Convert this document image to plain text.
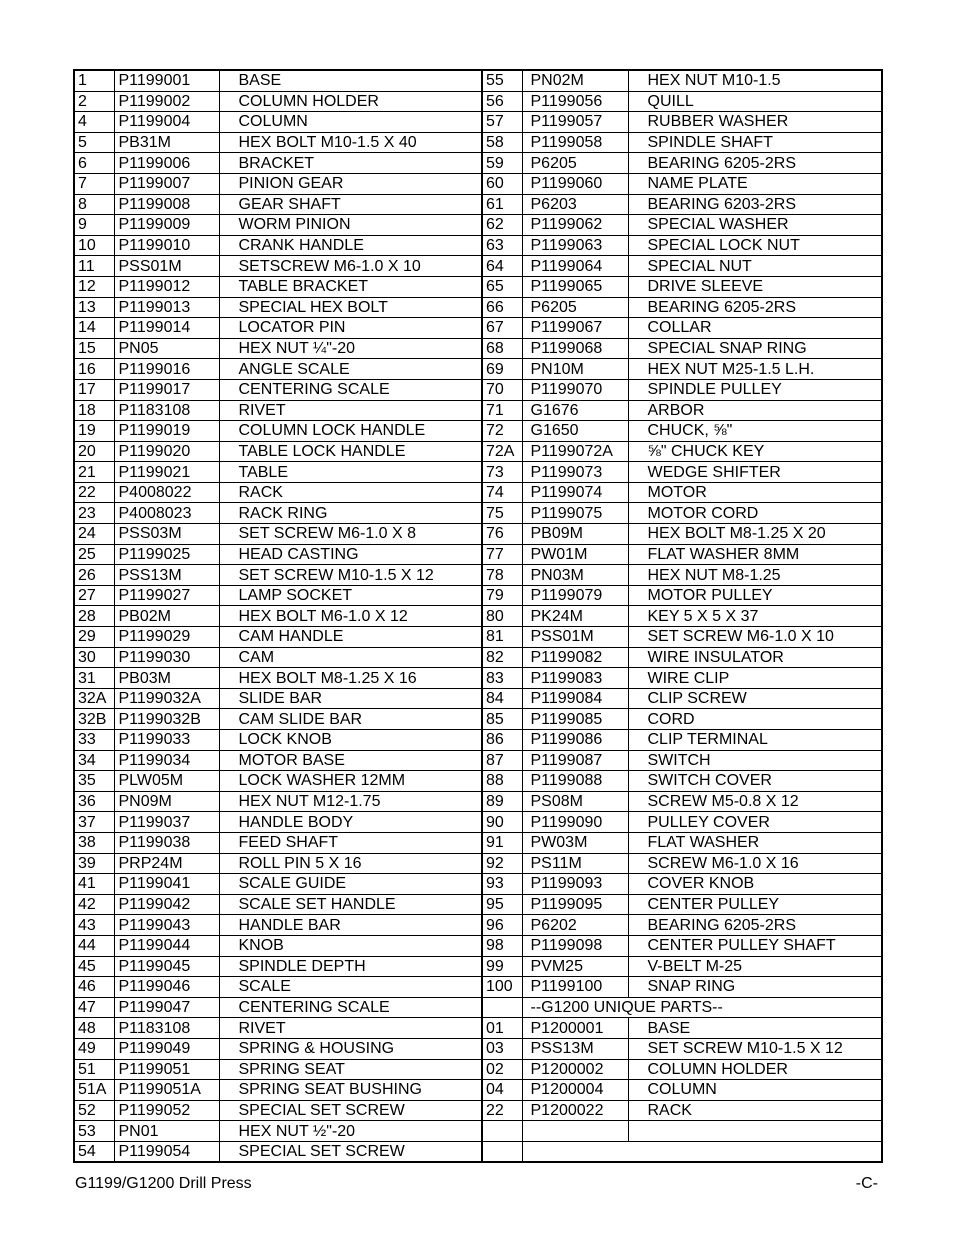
1	P1199001	BASE	55	PN02M	HEX NUT M10-1.5
2	P1199002	COLUMN HOLDER	56	P1199056	QUILL
4	P1199004	COLUMN	57	P1199057	RUBBER WASHER
5	PB31M	HEX BOLT M10-1.5 X 40	58	P1199058	SPINDLE SHAFT
6	P1199006	BRACKET	59	P6205	BEARING 6205-2RS
7	P1199007	PINION GEAR	60	P1199060	NAME PLATE
8	P1199008	GEAR SHAFT	61	P6203	BEARING 6203-2RS
9	P1199009	WORM PINION	62	P1199062	SPECIAL WASHER
10	P1199010	CRANK HANDLE	63	P1199063	SPECIAL LOCK NUT
11	PSS01M	SETSCREW M6-1.0 X 10	64	P1199064	SPECIAL NUT
12	P1199012	TABLE BRACKET	65	P1199065	DRIVE SLEEVE
13	P1199013	SPECIAL HEX BOLT	66	P6205	BEARING 6205-2RS
14	P1199014	LOCATOR PIN	67	P1199067	COLLAR
15	PN05	HEX NUT ¼"-20	68	P1199068	SPECIAL SNAP RING
16	P1199016	ANGLE SCALE	69	PN10M	HEX NUT M25-1.5 L.H.
17	P1199017	CENTERING SCALE	70	P1199070	SPINDLE PULLEY
18	P1183108	RIVET	71	G1676	ARBOR
19	P1199019	COLUMN LOCK HANDLE	72	G1650	CHUCK, ⅝"
20	P1199020	TABLE LOCK HANDLE	72A	P1199072A	⅝" CHUCK KEY
21	P1199021	TABLE	73	P1199073	WEDGE SHIFTER
22	P4008022	RACK	74	P1199074	MOTOR
23	P4008023	RACK RING	75	P1199075	MOTOR CORD
24	PSS03M	SET SCREW M6-1.0 X 8	76	PB09M	HEX BOLT M8-1.25 X 20
25	P1199025	HEAD CASTING	77	PW01M	FLAT WASHER 8MM
26	PSS13M	SET SCREW M10-1.5 X 12	78	PN03M	HEX NUT M8-1.25
27	P1199027	LAMP SOCKET	79	P1199079	MOTOR PULLEY
28	PB02M	HEX BOLT M6-1.0 X 12	80	PK24M	KEY 5 X 5 X 37
29	P1199029	CAM HANDLE	81	PSS01M	SET SCREW M6-1.0 X 10
30	P1199030	CAM	82	P1199082	WIRE INSULATOR
31	PB03M	HEX BOLT M8-1.25 X 16	83	P1199083	WIRE CLIP
32A	P1199032A	SLIDE BAR	84	P1199084	CLIP SCREW
32B	P1199032B	CAM SLIDE BAR	85	P1199085	CORD
33	P1199033	LOCK KNOB	86	P1199086	CLIP TERMINAL
34	P1199034	MOTOR BASE	87	P1199087	SWITCH
35	PLW05M	LOCK WASHER 12MM	88	P1199088	SWITCH COVER
36	PN09M	HEX NUT M12-1.75	89	PS08M	SCREW M5-0.8 X 12
37	P1199037	HANDLE BODY	90	P1199090	PULLEY COVER
38	P1199038	FEED SHAFT	91	PW03M	FLAT WASHER
39	PRP24M	ROLL PIN 5 X 16	92	PS11M	SCREW M6-1.0 X 16
41	P1199041	SCALE GUIDE	93	P1199093	COVER KNOB
42	P1199042	SCALE SET HANDLE	95	P1199095	CENTER PULLEY
43	P1199043	HANDLE BAR	96	P6202	BEARING 6205-2RS
44	P1199044	KNOB	98	P1199098	CENTER PULLEY SHAFT
45	P1199045	SPINDLE DEPTH	99	PVM25	V-BELT M-25
46	P1199046	SCALE	100	P1199100	SNAP RING
47	P1199047	CENTERING SCALE		--G1200 UNIQUE PARTS--	
48	P1183108	RIVET	01	P1200001	BASE
49	P1199049	SPRING & HOUSING	03	PSS13M	SET SCREW M10-1.5 X 12
51	P1199051	SPRING SEAT	02	P1200002	COLUMN HOLDER
51A	P1199051A	SPRING SEAT BUSHING	04	P1200004	COLUMN
52	P1199052	SPECIAL SET SCREW	22	P1200022	RACK
53	PN01	HEX NUT ½"-20			
54	P1199054	SPECIAL SET SCREW			
G1199/G1200 Drill Press	-C-
